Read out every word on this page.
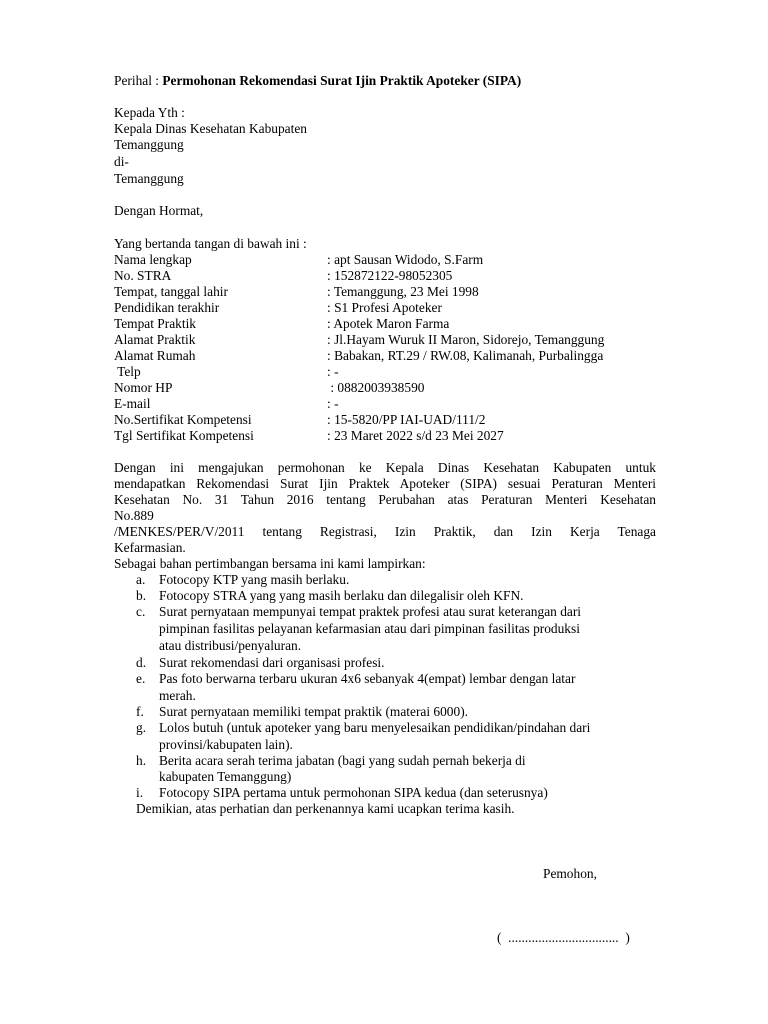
Perihal : Permohonan Rekomendasi Surat Ijin Praktik Apoteker (SIPA)
Kepada Yth :
Kepala Dinas Kesehatan Kabupaten
Temanggung
di-
Temanggung
Dengan Hormat,
Yang bertanda tangan di bawah ini :
Nama lengkap	: apt Sausan Widodo, S.Farm
No. STRA	: 152872122-98052305
Tempat, tanggal lahir	: Temanggung, 23 Mei 1998
Pendidikan terakhir	: S1 Profesi Apoteker
Tempat Praktik	: Apotek Maron Farma
Alamat Praktik	: Jl.Hayam Wuruk II Maron, Sidorejo, Temanggung
Alamat Rumah	: Babakan, RT.29 / RW.08, Kalimanah, Purbalingga
Telp	: -
Nomor HP	: 0882003938590
E-mail	: -
No.Sertifikat Kompetensi	: 15-5820/PP IAI-UAD/111/2
Tgl Sertifikat Kompetensi	: 23 Maret 2022 s/d 23 Mei 2027
Dengan ini mengajukan permohonan ke Kepala Dinas Kesehatan Kabupaten untuk
mendapatkan Rekomendasi Surat Ijin Praktek Apoteker (SIPA) sesuai Peraturan Menteri
Kesehatan No. 31 Tahun 2016 tentang Perubahan atas Peraturan Menteri Kesehatan
No.889
/MENKES/PER/V/2011 tentang Registrasi, Izin Praktik, dan Izin Kerja Tenaga
Kefarmasian.
Sebagai bahan pertimbangan bersama ini kami lampirkan:
a. Fotocopy KTP yang masih berlaku.
b. Fotocopy STRA yang yang masih berlaku dan dilegalisir oleh KFN.
c. Surat pernyataan mempunyai tempat praktek profesi atau surat keterangan dari
pimpinan fasilitas pelayanan kefarmasian atau dari pimpinan fasilitas produksi
atau distribusi/penyaluran.
d. Surat rekomendasi dari organisasi profesi.
e. Pas foto berwarna terbaru ukuran 4x6 sebanyak 4(empat) lembar dengan latar
merah.
f. Surat pernyataan memiliki tempat praktik (materai 6000).
g. Lolos butuh (untuk apoteker yang baru menyelesaikan pendidikan/pindahan dari
provinsi/kabupaten lain).
h. Berita acara serah terima jabatan (bagi yang sudah pernah bekerja di
kabupaten Temanggung)
i. Fotocopy SIPA pertama untuk permohonan SIPA kedua (dan seterusnya)
Demikian, atas perhatian dan perkenannya kami ucapkan terima kasih.
Pemohon,
(  .................................  )
